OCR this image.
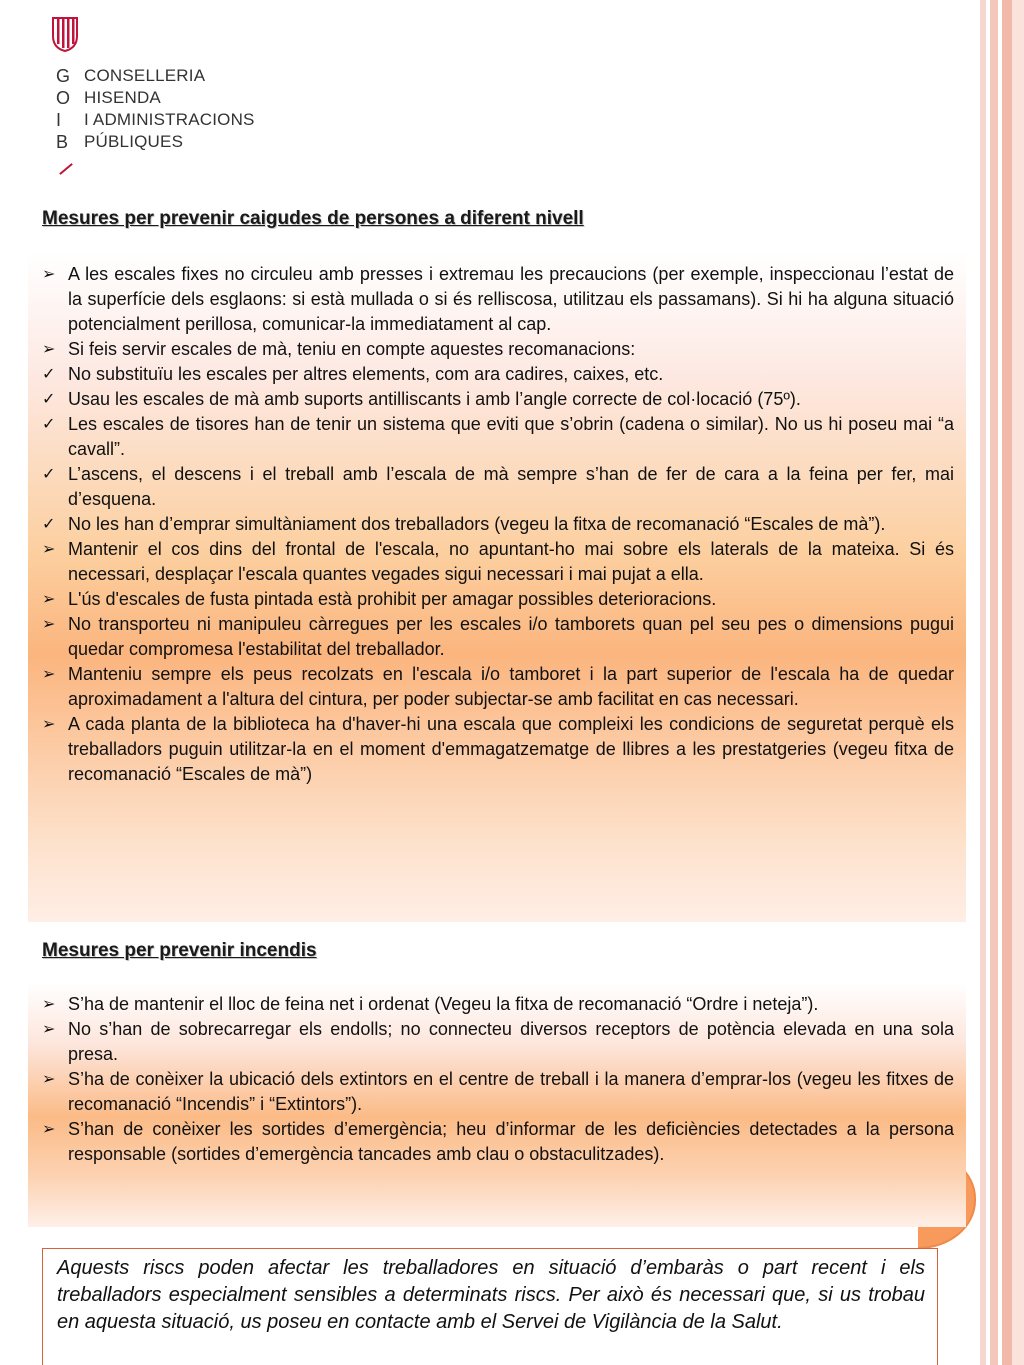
G CONSELLERIA
O HISENDA
I I ADMINISTRACIONS
B PÚBLIQUES
Mesures per prevenir caigudes de persones a diferent nivell
➢ A les escales fixes no circuleu amb presses i extremau les precaucions (per exemple, inspeccionau l’estat de la superfície dels esglaons: si està mullada o si és relliscosa, utilitzau els passamans). Si hi ha alguna situació potencialment perillosa, comunicar-la immediatament al cap.
➢ Si feis servir escales de mà, teniu en compte aquestes recomanacions:
✓ No substituïu les escales per altres elements, com ara cadires, caixes, etc.
✓ Usau les escales de mà amb suports antilliscants i amb l’angle correcte de col·locació (75º).
✓ Les escales de tisores han de tenir un sistema que eviti que s’obrin (cadena o similar). No us hi poseu mai “a cavall”.
✓ L’ascens, el descens i el treball amb l’escala de mà sempre s’han de fer de cara a la feina per fer, mai d’esquena.
✓ No les han d’emprar simultàniament dos treballadors (vegeu la fitxa de recomanació “Escales de mà”).
➢ Mantenir el cos dins del frontal de l'escala, no apuntant-ho mai sobre els laterals de la mateixa. Si és necessari, desplaçar l'escala quantes vegades sigui necessari i mai pujat a ella.
➢ L'ús d'escales de fusta pintada està prohibit per amagar possibles deterioracions.
➢ No transporteu ni manipuleu càrregues per les escales i/o tamborets quan pel seu pes o dimensions pugui quedar compromesa l'estabilitat del treballador.
➢ Manteniu sempre els peus recolzats en l'escala i/o tamboret i la part superior de l'escala ha de quedar aproximadament a l'altura del cintura, per poder subjectar-se amb facilitat en cas necessari.
➢ A cada planta de la biblioteca ha d'haver-hi una escala que compleixi les condicions de seguretat perquè els treballadors puguin utilitzar-la en el moment d'emmagatzematge de llibres a les prestatgeries (vegeu fitxa de recomanació “Escales de mà”)
Mesures per prevenir incendis
➢ S’ha de mantenir el lloc de feina net i ordenat (Vegeu la fitxa de recomanació “Ordre i neteja”).
➢ No s’han de sobrecarregar els endolls; no connecteu diversos receptors de potència elevada en una sola presa.
➢ S’ha de conèixer la ubicació dels extintors en el centre de treball i la manera d’emprar-los (vegeu les fitxes de recomanació “Incendis” i “Extintors”).
➢ S’han de conèixer les sortides d’emergència; heu d’informar de les deficiències detectades a la persona responsable (sortides d’emergència tancades amb clau o obstaculitzades).
Aquests riscs poden afectar les treballadores en situació d’embaràs o part recent i els treballadors especialment sensibles a determinats riscs. Per això és necessari que, si us trobau en aquesta situació, us poseu en contacte amb el Servei de Vigilància de la Salut.
